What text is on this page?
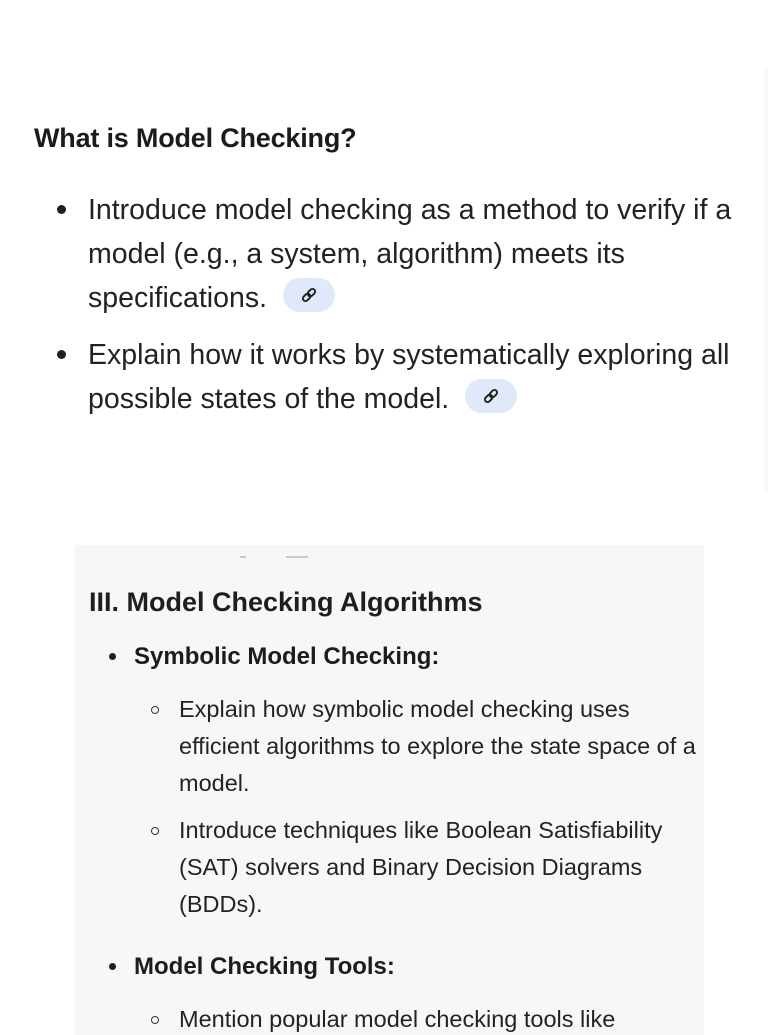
What is Model Checking?
Introduce model checking as a method to verify if a model (e.g., a system, algorithm) meets its specifications.
Explain how it works by systematically exploring all possible states of the model.
III. Model Checking Algorithms
Symbolic Model Checking:
Explain how symbolic model checking uses efficient algorithms to explore the state space of a model.
Introduce techniques like Boolean Satisfiability (SAT) solvers and Binary Decision Diagrams (BDDs).
Model Checking Tools:
Mention popular model checking tools like
